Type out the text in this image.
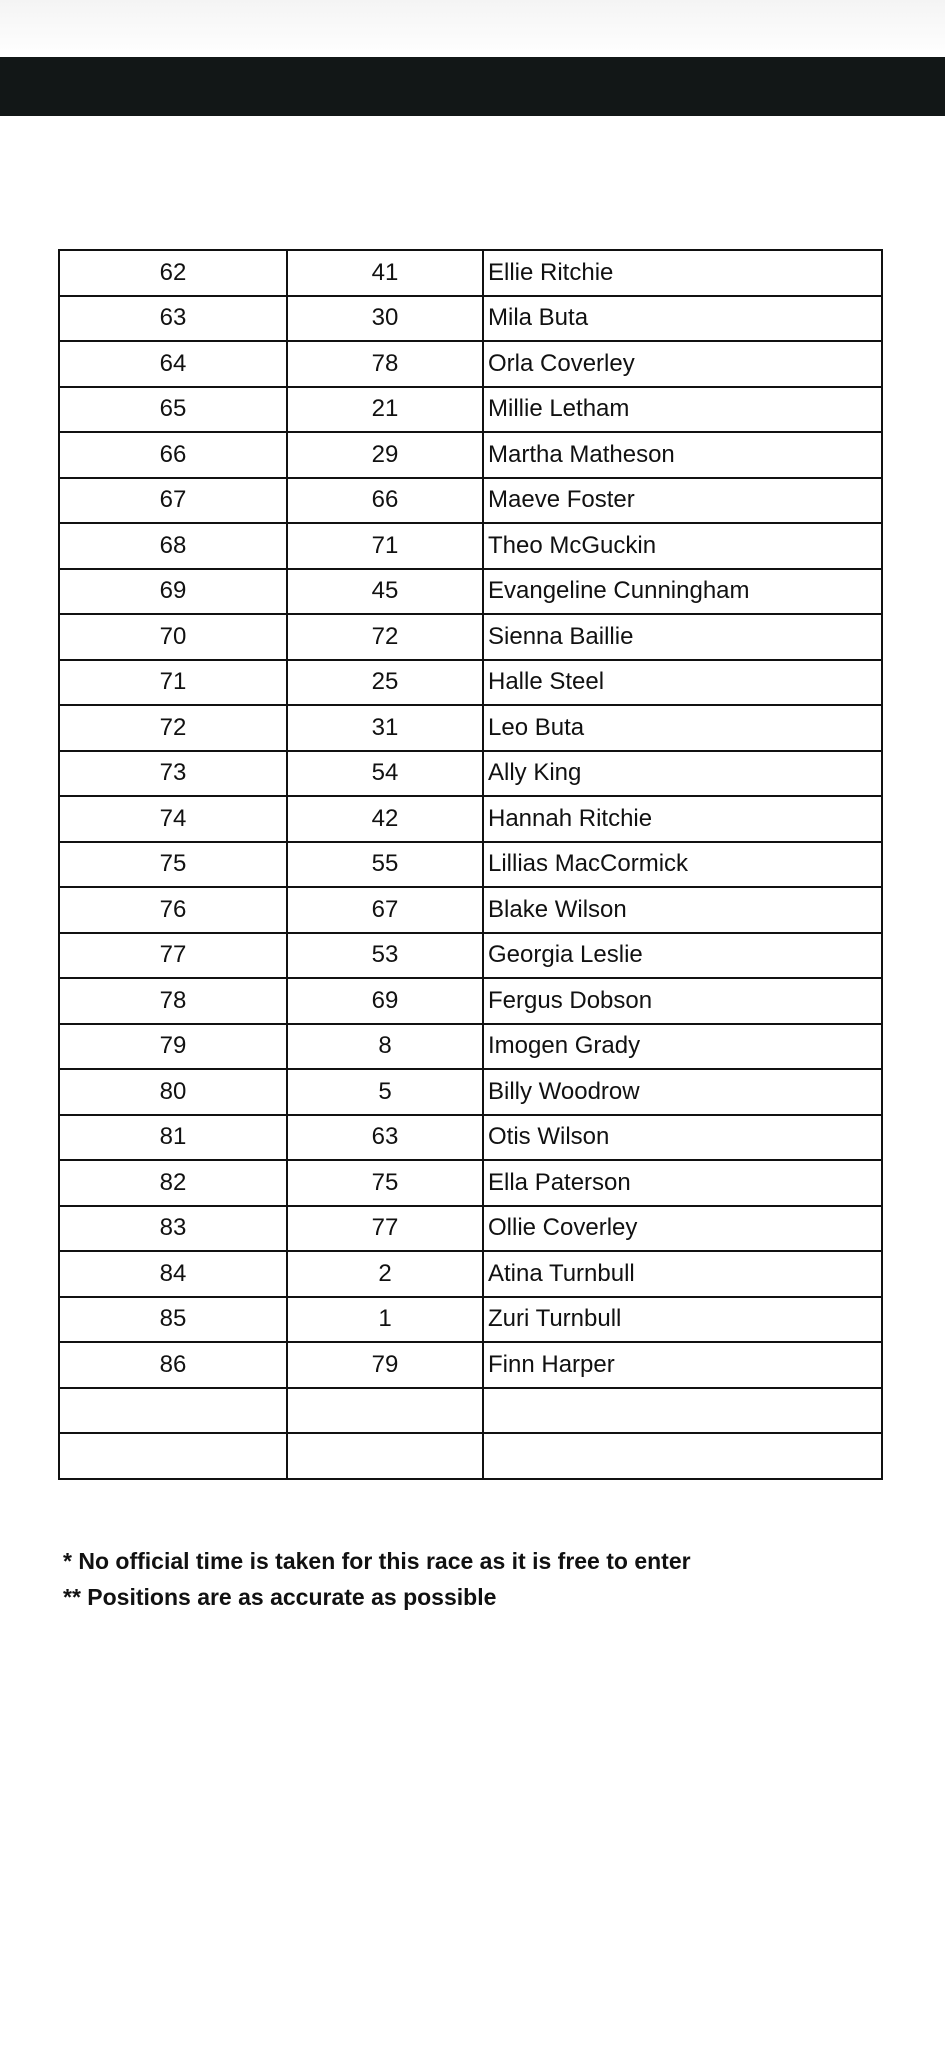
62	41	Ellie Ritchie
63	30	Mila Buta
64	78	Orla Coverley
65	21	Millie Letham
66	29	Martha Matheson
67	66	Maeve Foster
68	71	Theo McGuckin
69	45	Evangeline Cunningham
70	72	Sienna Baillie
71	25	Halle Steel
72	31	Leo Buta
73	54	Ally King
74	42	Hannah Ritchie
75	55	Lillias MacCormick
76	67	Blake Wilson
77	53	Georgia Leslie
78	69	Fergus Dobson
79	8	Imogen Grady
80	5	Billy Woodrow
81	63	Otis Wilson
82	75	Ella Paterson
83	77	Ollie Coverley
84	2	Atina Turnbull
85	1	Zuri Turnbull
86	79	Finn Harper

* No official time is taken for this race as it is free to enter

** Positions are as accurate as possible
